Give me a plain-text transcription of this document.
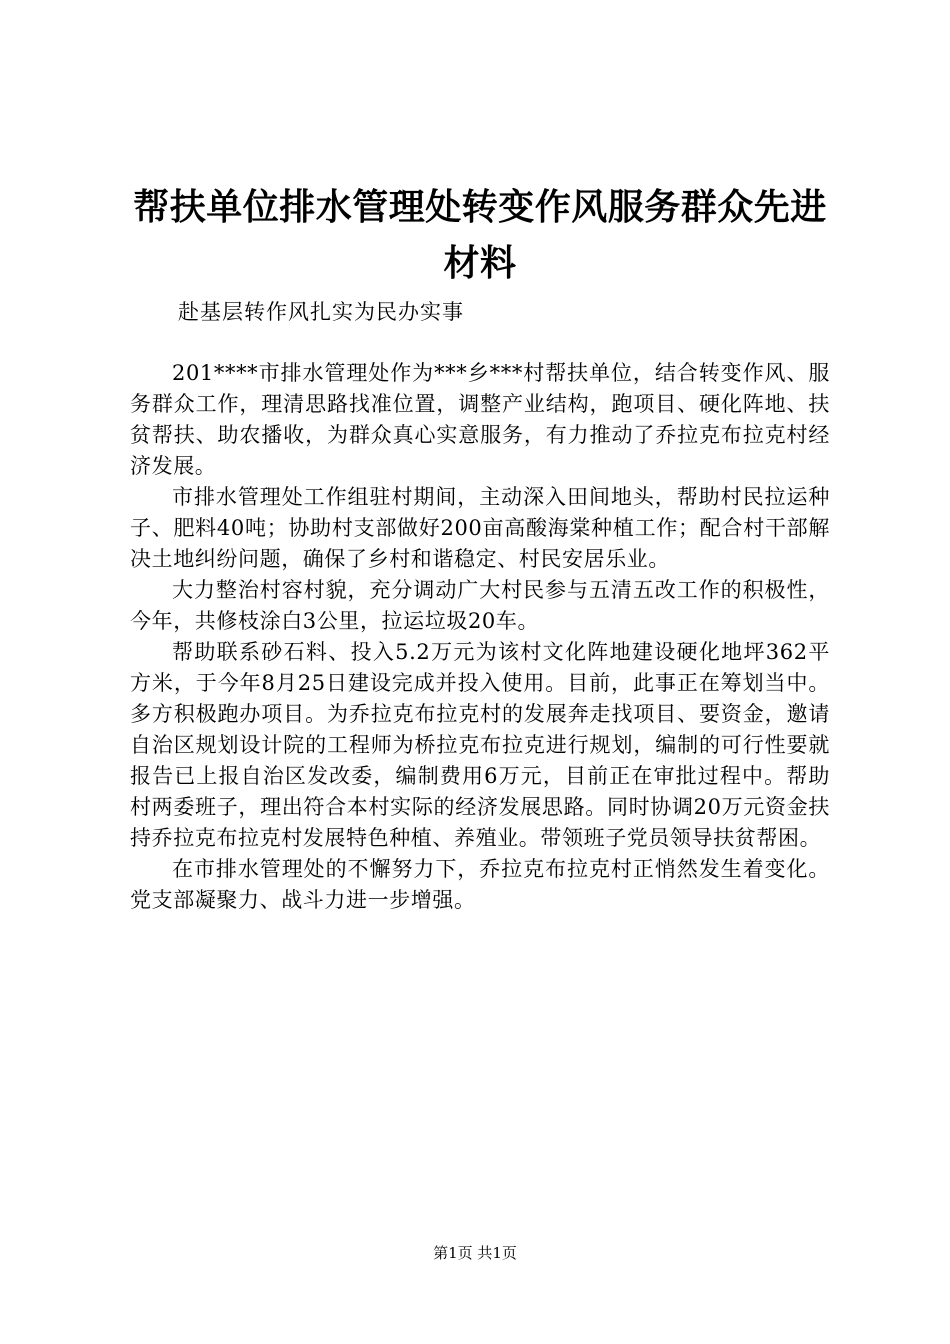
帮扶单位排水管理处转变作风服务群众先进材料

赴基层转作风扎实为民办实事

201****市排水管理处作为***乡***村帮扶单位，结合转变作风、服务群众工作，理清思路找准位置，调整产业结构，跑项目、硬化阵地、扶贫帮扶、助农播收，为群众真心实意服务，有力推动了乔拉克布拉克村经济发展。

市排水管理处工作组驻村期间，主动深入田间地头，帮助村民拉运种子、肥料40吨；协助村支部做好200亩高酸海棠种植工作；配合村干部解决土地纠纷问题，确保了乡村和谐稳定、村民安居乐业。

大力整治村容村貌，充分调动广大村民参与五清五改工作的积极性，今年，共修枝涂白3公里，拉运垃圾20车。

帮助联系砂石料、投入5.2万元为该村文化阵地建设硬化地坪362平方米，于今年8月25日建设完成并投入使用。目前，此事正在筹划当中。多方积极跑办项目。为乔拉克布拉克村的发展奔走找项目、要资金，邀请自治区规划设计院的工程师为桥拉克布拉克进行规划，编制的可行性要就报告已上报自治区发改委，编制费用6万元，目前正在审批过程中。帮助村两委班子，理出符合本村实际的经济发展思路。同时协调20万元资金扶持乔拉克布拉克村发展特色种植、养殖业。带领班子党员领导扶贫帮困。

在市排水管理处的不懈努力下，乔拉克布拉克村正悄然发生着变化。党支部凝聚力、战斗力进一步增强。

第1页 共1页
